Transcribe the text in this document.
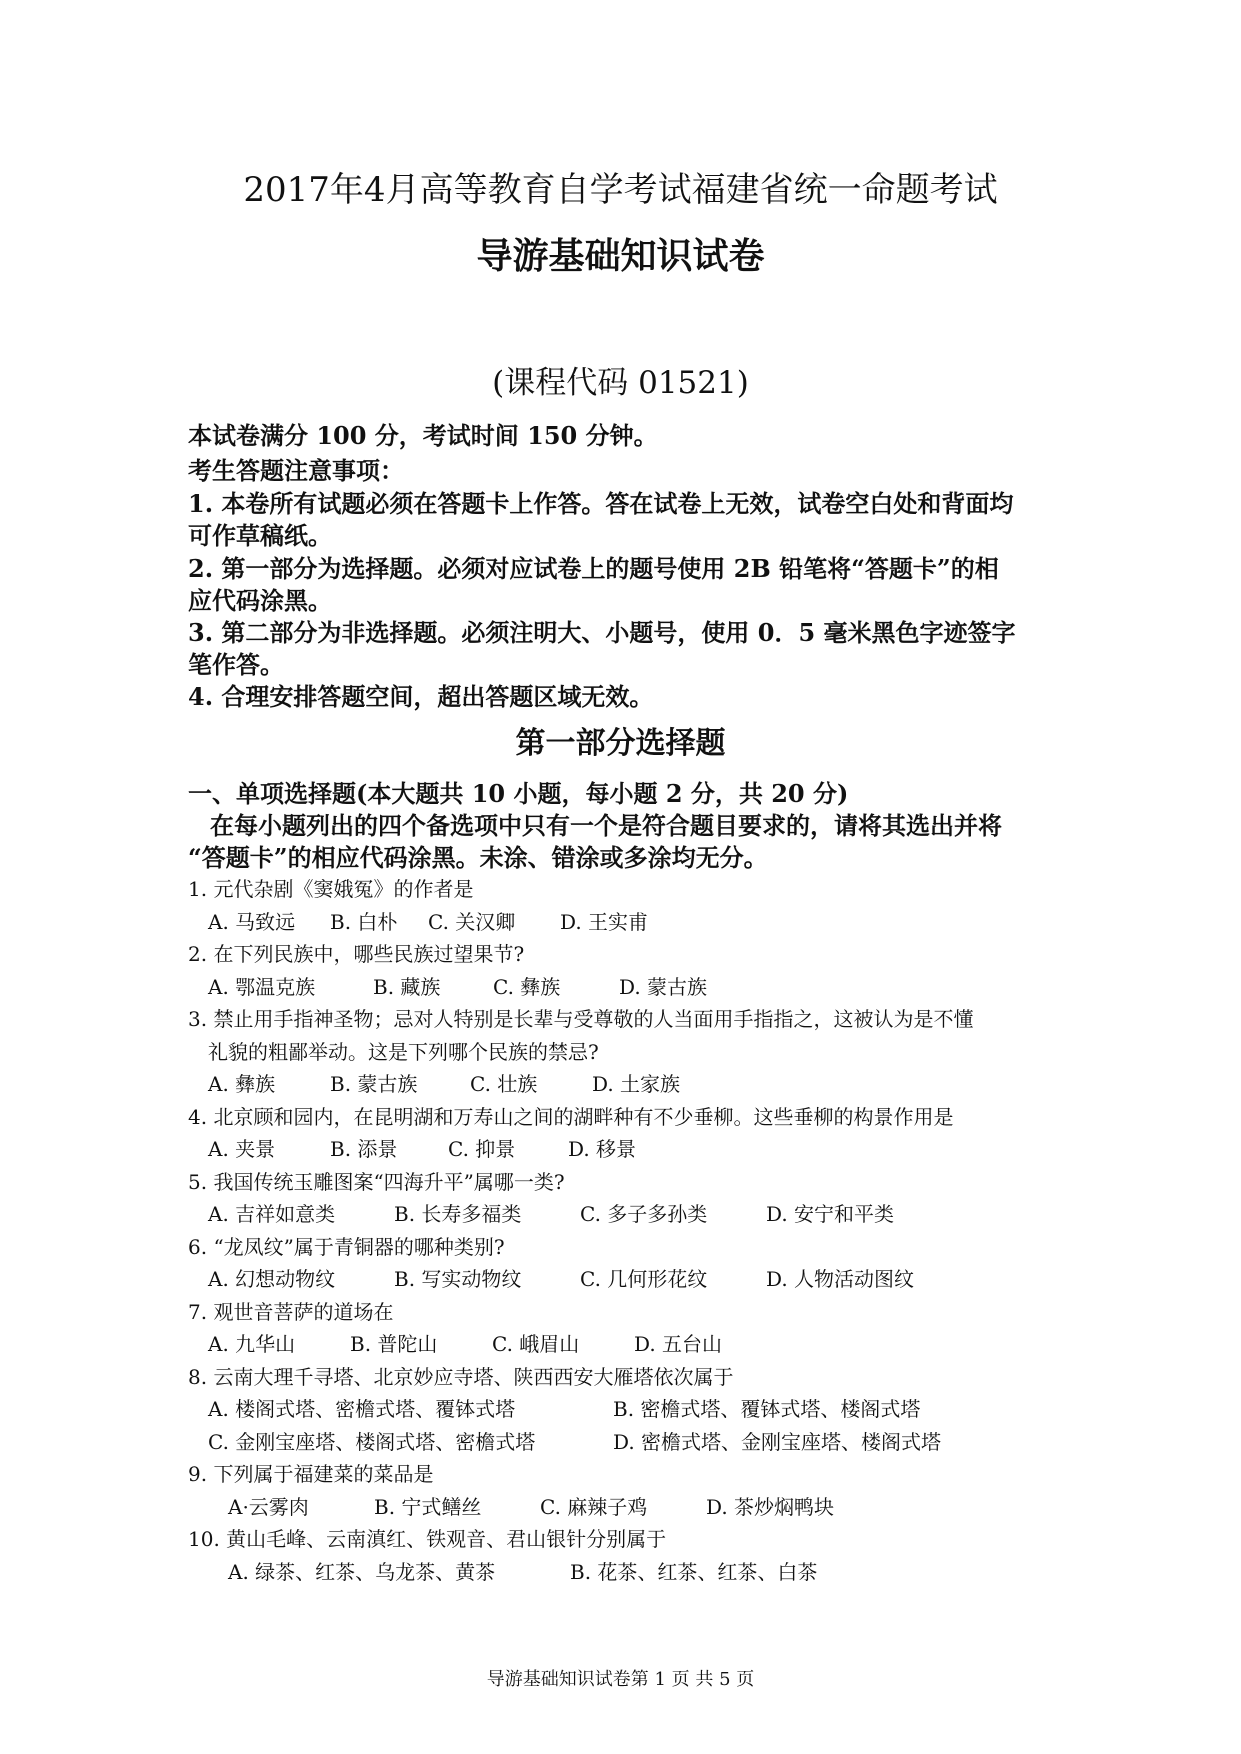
2017年4月高等教育自学考试福建省统一命题考试
导游基础知识试卷
(课程代码 01521)
本试卷满分 100 分，考试时间 150 分钟。
考生答题注意事项：
1. 本卷所有试题必须在答题卡上作答。答在试卷上无效，试卷空白处和背面均
可作草稿纸。
2. 第一部分为选择题。必须对应试卷上的题号使用 2B 铅笔将“答题卡”的相
应代码涂黑。
3. 第二部分为非选择题。必须注明大、小题号，使用 0．5 毫米黑色字迹签字
笔作答。
4. 合理安排答题空间，超出答题区域无效。
第一部分选择题
一、单项选择题(本大题共 10 小题，每小题 2 分，共 20 分)
在每小题列出的四个备选项中只有一个是符合题目要求的，请将其选出并将
“答题卡”的相应代码涂黑。未涂、错涂或多涂均无分。
1. 元代杂剧《窦娥冤》的作者是
A. 马致远 B. 白朴 C. 关汉卿 D. 王实甫
2. 在下列民族中，哪些民族过望果节?
A. 鄂温克族	B. 藏族	C. 彝族	D. 蒙古族
3. 禁止用手指神圣物；忌对人特别是长辈与受尊敬的人当面用手指指之，这被认为是不懂
礼貌的粗鄙举动。这是下列哪个民族的禁忌?
A. 彝族	B. 蒙古族	C. 壮族	D. 土家族
4. 北京顾和园内，在昆明湖和万寿山之间的湖畔种有不少垂柳。这些垂柳的构景作用是
A. 夹景	B. 添景	C. 抑景	D. 移景
5. 我国传统玉雕图案“四海升平”属哪一类?
A. 吉祥如意类	B. 长寿多福类	C. 多子多孙类	D. 安宁和平类
6. “龙凤纹”属于青铜器的哪种类别?
A. 幻想动物纹	B. 写实动物纹	C. 几何形花纹	D. 人物活动图纹
7. 观世音菩萨的道场在
A. 九华山	B. 普陀山	C. 峨眉山	D. 五台山
8. 云南大理千寻塔、北京妙应寺塔、陕西西安大雁塔依次属于
A. 楼阁式塔、密檐式塔、覆钵式塔	B. 密檐式塔、覆钵式塔、楼阁式塔
C. 金刚宝座塔、楼阁式塔、密檐式塔	D. 密檐式塔、金刚宝座塔、楼阁式塔
9. 下列属于福建菜的菜品是
A·云雾肉	B. 宁式鳝丝	C. 麻辣子鸡	D. 茶炒焖鸭块
10. 黄山毛峰、云南滇红、铁观音、君山银针分别属于
A. 绿茶、红茶、乌龙茶、黄茶	B. 花茶、红茶、红茶、白茶
导游基础知识试卷第 1 页 共 5 页
